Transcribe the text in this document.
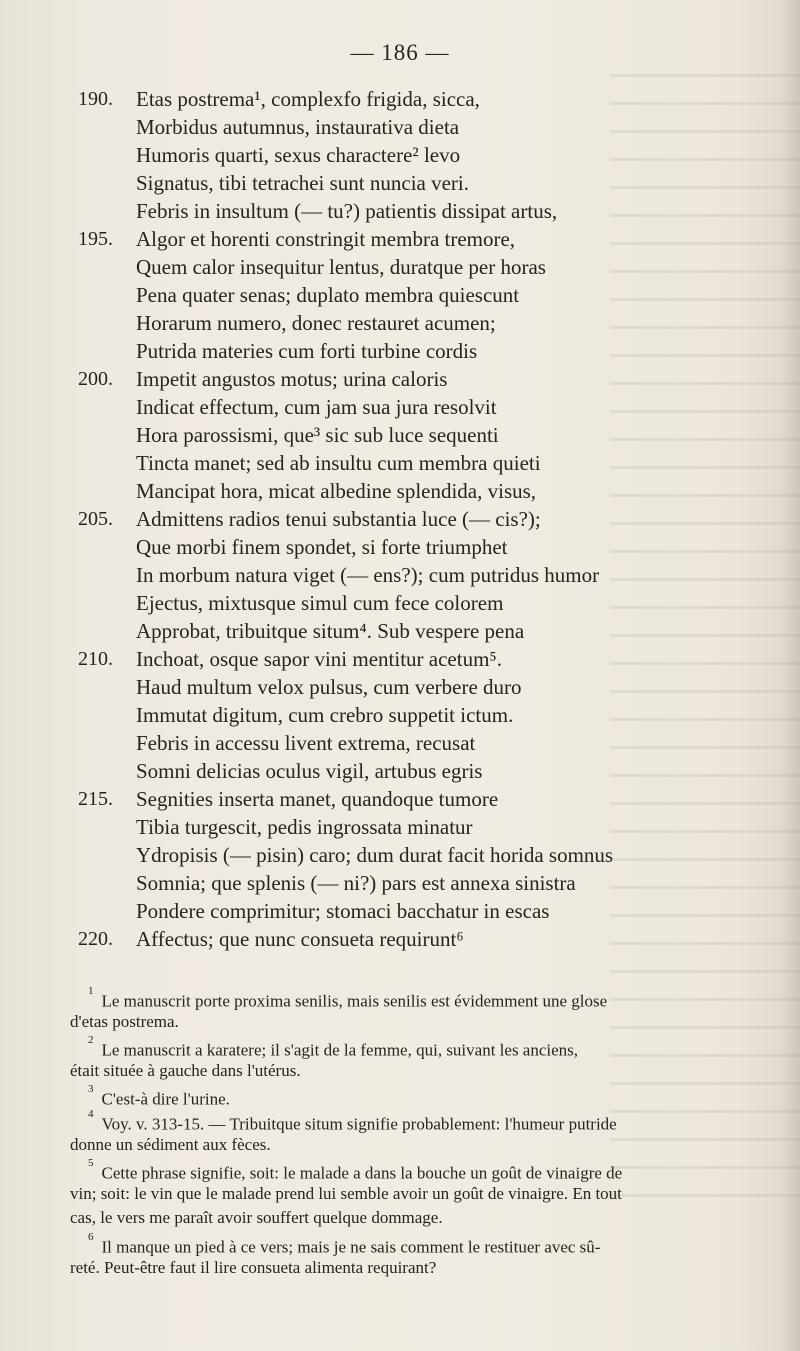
— 186 —
190.	Etas postrema¹, complexfo frigida, sicca,
Morbidus autumnus, instaurativa dieta
Humoris quarti, sexus charactere² levo
Signatus, tibi tetrachei sunt nuncia veri.
Febris in insultum (— tu?) patientis dissipat artus,
195.	Algor et horenti constringit membra tremore,
Quem calor insequitur lentus, duratque per horas
Pena quater senas; duplato membra quiescunt
Horarum numero, donec restauret acumen;
Putrida materies cum forti turbine cordis
200.	Impetit angustos motus; urina caloris
Indicat effectum, cum jam sua jura resolvit
Hora parossismi, que³ sic sub luce sequenti
Tincta manet; sed ab insultu cum membra quieti
Mancipat hora, micat albedine splendida, visus,
205.	Admittens radios tenui substantia luce (— cis?);
Que morbi finem spondet, si forte triumphet
In morbum natura viget (— ens?); cum putridus humor
Ejectus, mixtusque simul cum fece colorem
Approbat, tribuitque situm⁴. Sub vespere pena
210.	Inchoat, osque sapor vini mentitur acetum⁵.
Haud multum velox pulsus, cum verbere duro
Immutat digitum, cum crebro suppetit ictum.
Febris in accessu livent extrema, recusat
Somni delicias oculus vigil, artubus egris
215.	Segnities inserta manet, quandoque tumore
Tibia turgescit, pedis ingrossata minatur
Ydropisis (— pisin) caro; dum durat facit horida somnus
Somnia; que splenis (— ni?) pars est annexa sinistra
Pondere comprimitur; stomaci bacchatur in escas
220.	Affectus; que nunc consueta requirunt⁶
$^1$Le manuscrit porte proxima senilis, mais senilis est évidemment une glose
d'etas postrema.
$^2$Le manuscrit a karatere; il s'agit de la femme, qui, suivant les anciens,
était située à gauche dans l'utérus.
$^3$C'est-à dire l'urine.
$^4$Voy. v. 313-15. — Tribuitque situm signifie probablement: l'humeur putride
donne un sédiment aux fèces.
$^5$Cette phrase signifie, soit: le malade a dans la bouche un goût de vinaigre de
vin; soit: le vin que le malade prend lui semble avoir un goût de vinaigre. En tout
cas, le vers me paraît avoir souffert quelque dommage.
$^6$Il manque un pied à ce vers; mais je ne sais comment le restituer avec sû-
reté. Peut-être faut il lire consueta alimenta requirant?
